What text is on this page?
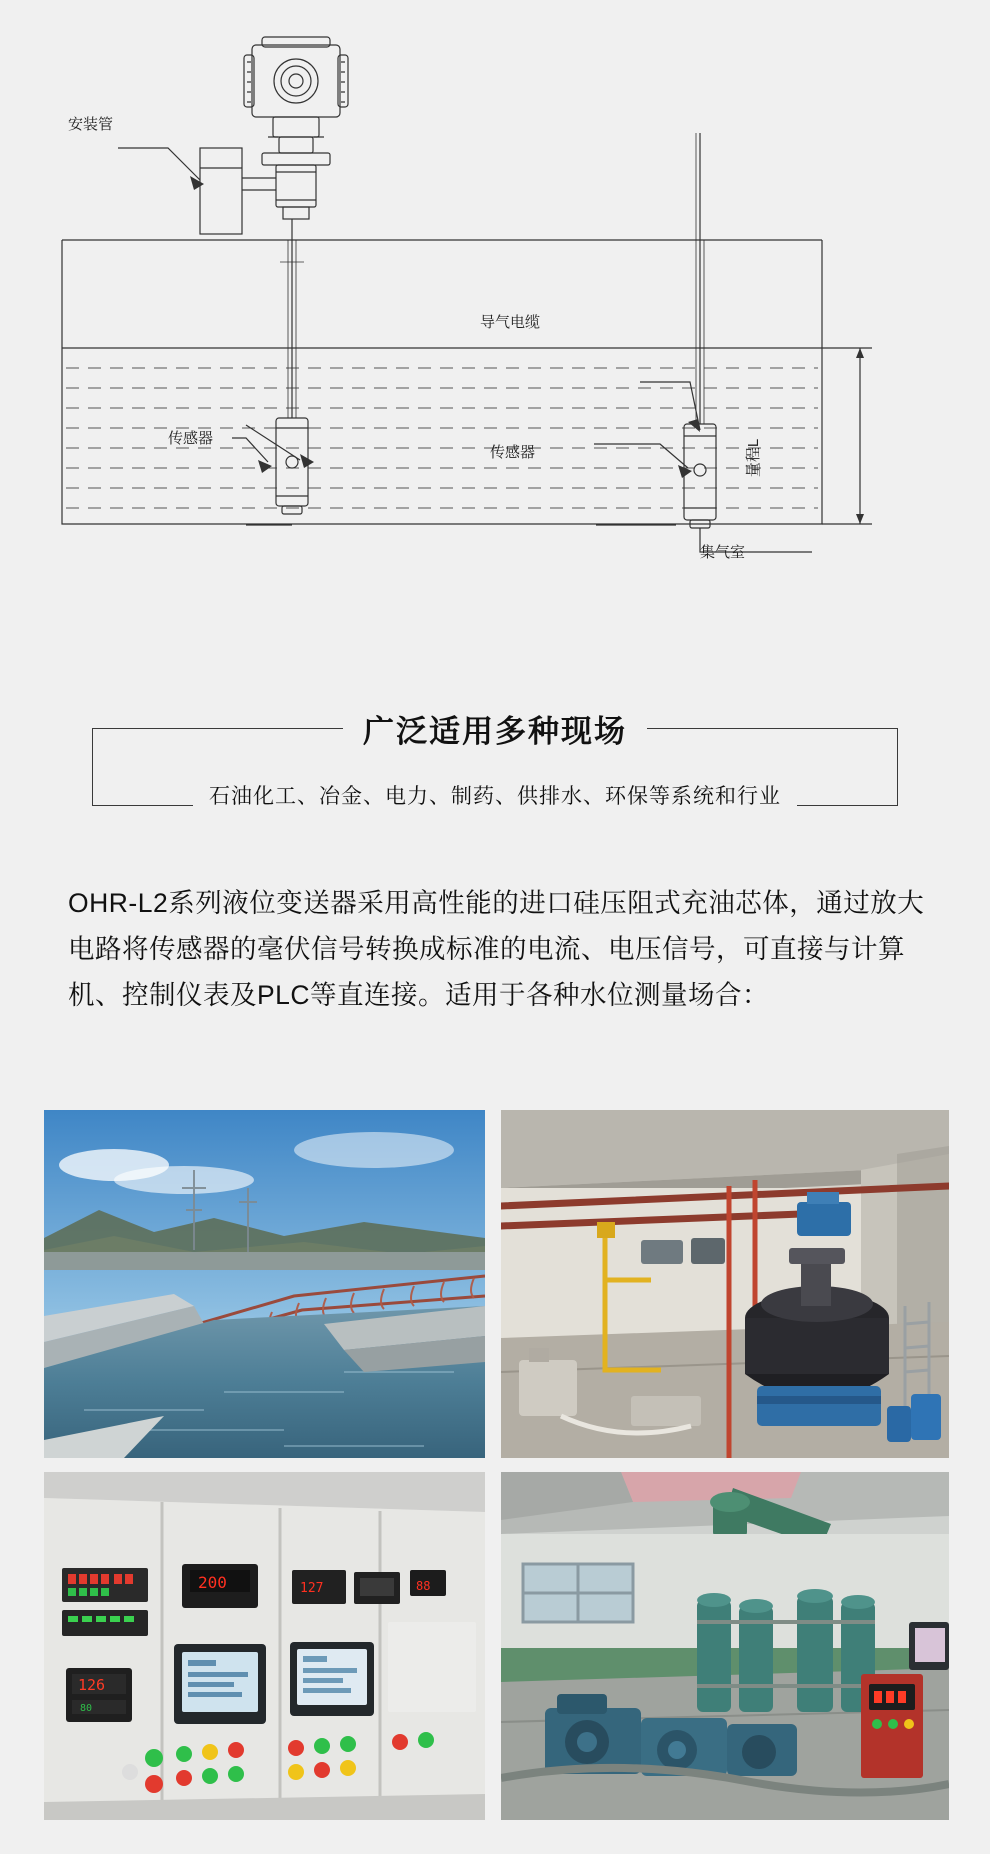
安装管
导气电缆
传感器
传感器
集气室
量程L
广泛适用多种现场
石油化工、冶金、电力、制药、供排水、环保等系统和行业
OHR-L2系列液位变送器采用高性能的进口硅压阻式充油芯体，通过放大电路将传感器的毫伏信号转换成标准的电流、电压信号，可直接与计算机、控制仪表及PLC等直连接。适用于各种水位测量场合：
126
80
200	127	88
